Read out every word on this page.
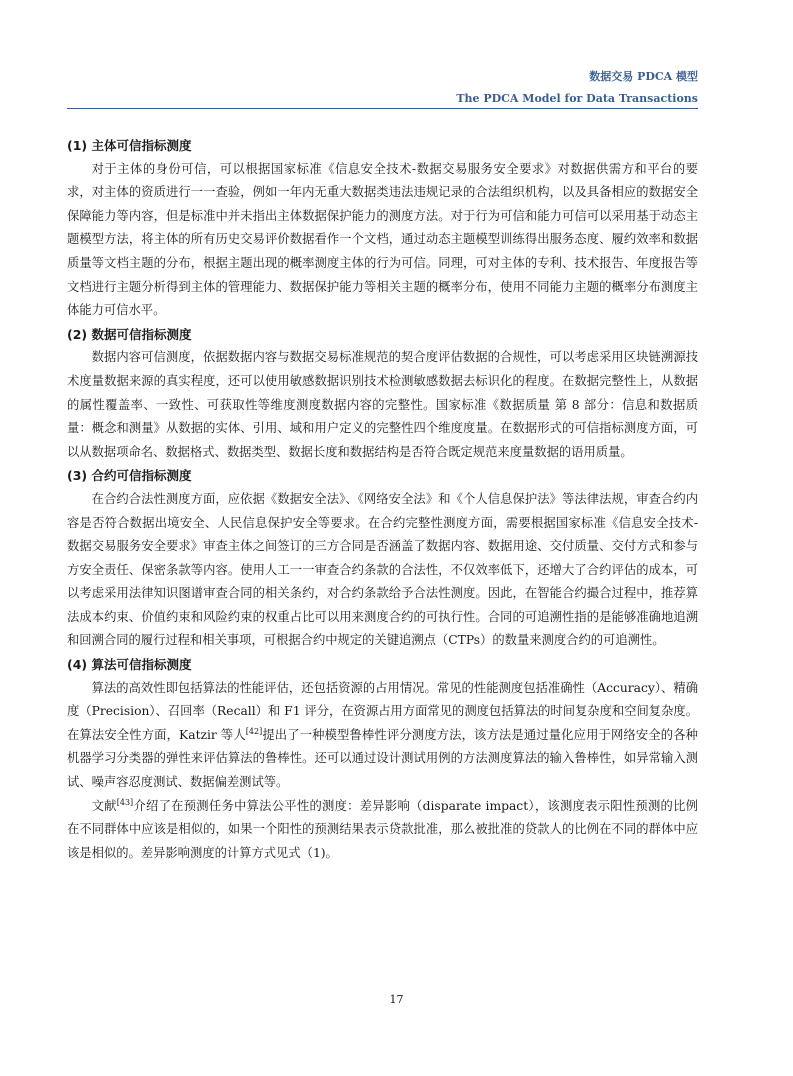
数据交易 PDCA 模型
The PDCA Model for Data Transactions
(1) 主体可信指标测度

对于主体的身份可信，可以根据国家标准《信息安全技术-数据交易服务安全要求》对数据供需方和平台的要求，对主体的资质进行一一查验，例如一年内无重大数据类违法违规记录的合法组织机构，以及具备相应的数据安全保障能力等内容，但是标准中并未指出主体数据保护能力的测度方法。对于行为可信和能力可信可以采用基于动态主题模型方法，将主体的所有历史交易评价数据看作一个文档，通过动态主题模型训练得出服务态度、履约效率和数据质量等文档主题的分布，根据主题出现的概率测度主体的行为可信。同理，可对主体的专利、技术报告、年度报告等文档进行主题分析得到主体的管理能力、数据保护能力等相关主题的概率分布，使用不同能力主题的概率分布测度主体能力可信水平。

(2) 数据可信指标测度

数据内容可信测度，依据数据内容与数据交易标准规范的契合度评估数据的合规性，可以考虑采用区块链溯源技术度量数据来源的真实程度，还可以使用敏感数据识别技术检测敏感数据去标识化的程度。在数据完整性上，从数据的属性覆盖率、一致性、可获取性等维度测度数据内容的完整性。国家标准《数据质量 第 8 部分：信息和数据质量：概念和测量》从数据的实体、引用、域和用户定义的完整性四个维度度量。在数据形式的可信指标测度方面，可以从数据项命名、数据格式、数据类型、数据长度和数据结构是否符合既定规范来度量数据的语用质量。

(3) 合约可信指标测度

在合约合法性测度方面，应依据《数据安全法》、《网络安全法》和《个人信息保护法》等法律法规，审查合约内容是否符合数据出境安全、人民信息保护安全等要求。在合约完整性测度方面，需要根据国家标准《信息安全技术-数据交易服务安全要求》审查主体之间签订的三方合同是否涵盖了数据内容、数据用途、交付质量、交付方式和参与方安全责任、保密条款等内容。使用人工一一审查合约条款的合法性，不仅效率低下，还增大了合约评估的成本，可以考虑采用法律知识图谱审查合同的相关条约，对合约条款给予合法性测度。因此，在智能合约撮合过程中，推荐算法成本约束、价值约束和风险约束的权重占比可以用来测度合约的可执行性。合同的可追溯性指的是能够准确地追溯和回溯合同的履行过程和相关事项，可根据合约中规定的关键追溯点（CTPs）的数量来测度合约的可追溯性。

(4) 算法可信指标测度

算法的高效性即包括算法的性能评估，还包括资源的占用情况。常见的性能测度包括准确性（Accuracy）、精确度（Precision）、召回率（Recall）和 F1 评分，在资源占用方面常见的测度包括算法的时间复杂度和空间复杂度。在算法安全性方面，Katzir 等人[42]提出了一种模型鲁棒性评分测度方法，该方法是通过量化应用于网络安全的各种机器学习分类器的弹性来评估算法的鲁棒性。还可以通过设计测试用例的方法测度算法的输入鲁棒性，如异常输入测试、噪声容忍度测试、数据偏差测试等。

文献[43]介绍了在预测任务中算法公平性的测度：差异影响（disparate impact），该测度表示阳性预测的比例在不同群体中应该是相似的，如果一个阳性的预测结果表示贷款批准，那么被批准的贷款人的比例在不同的群体中应该是相似的。差异影响测度的计算方式见式（1)。

17
